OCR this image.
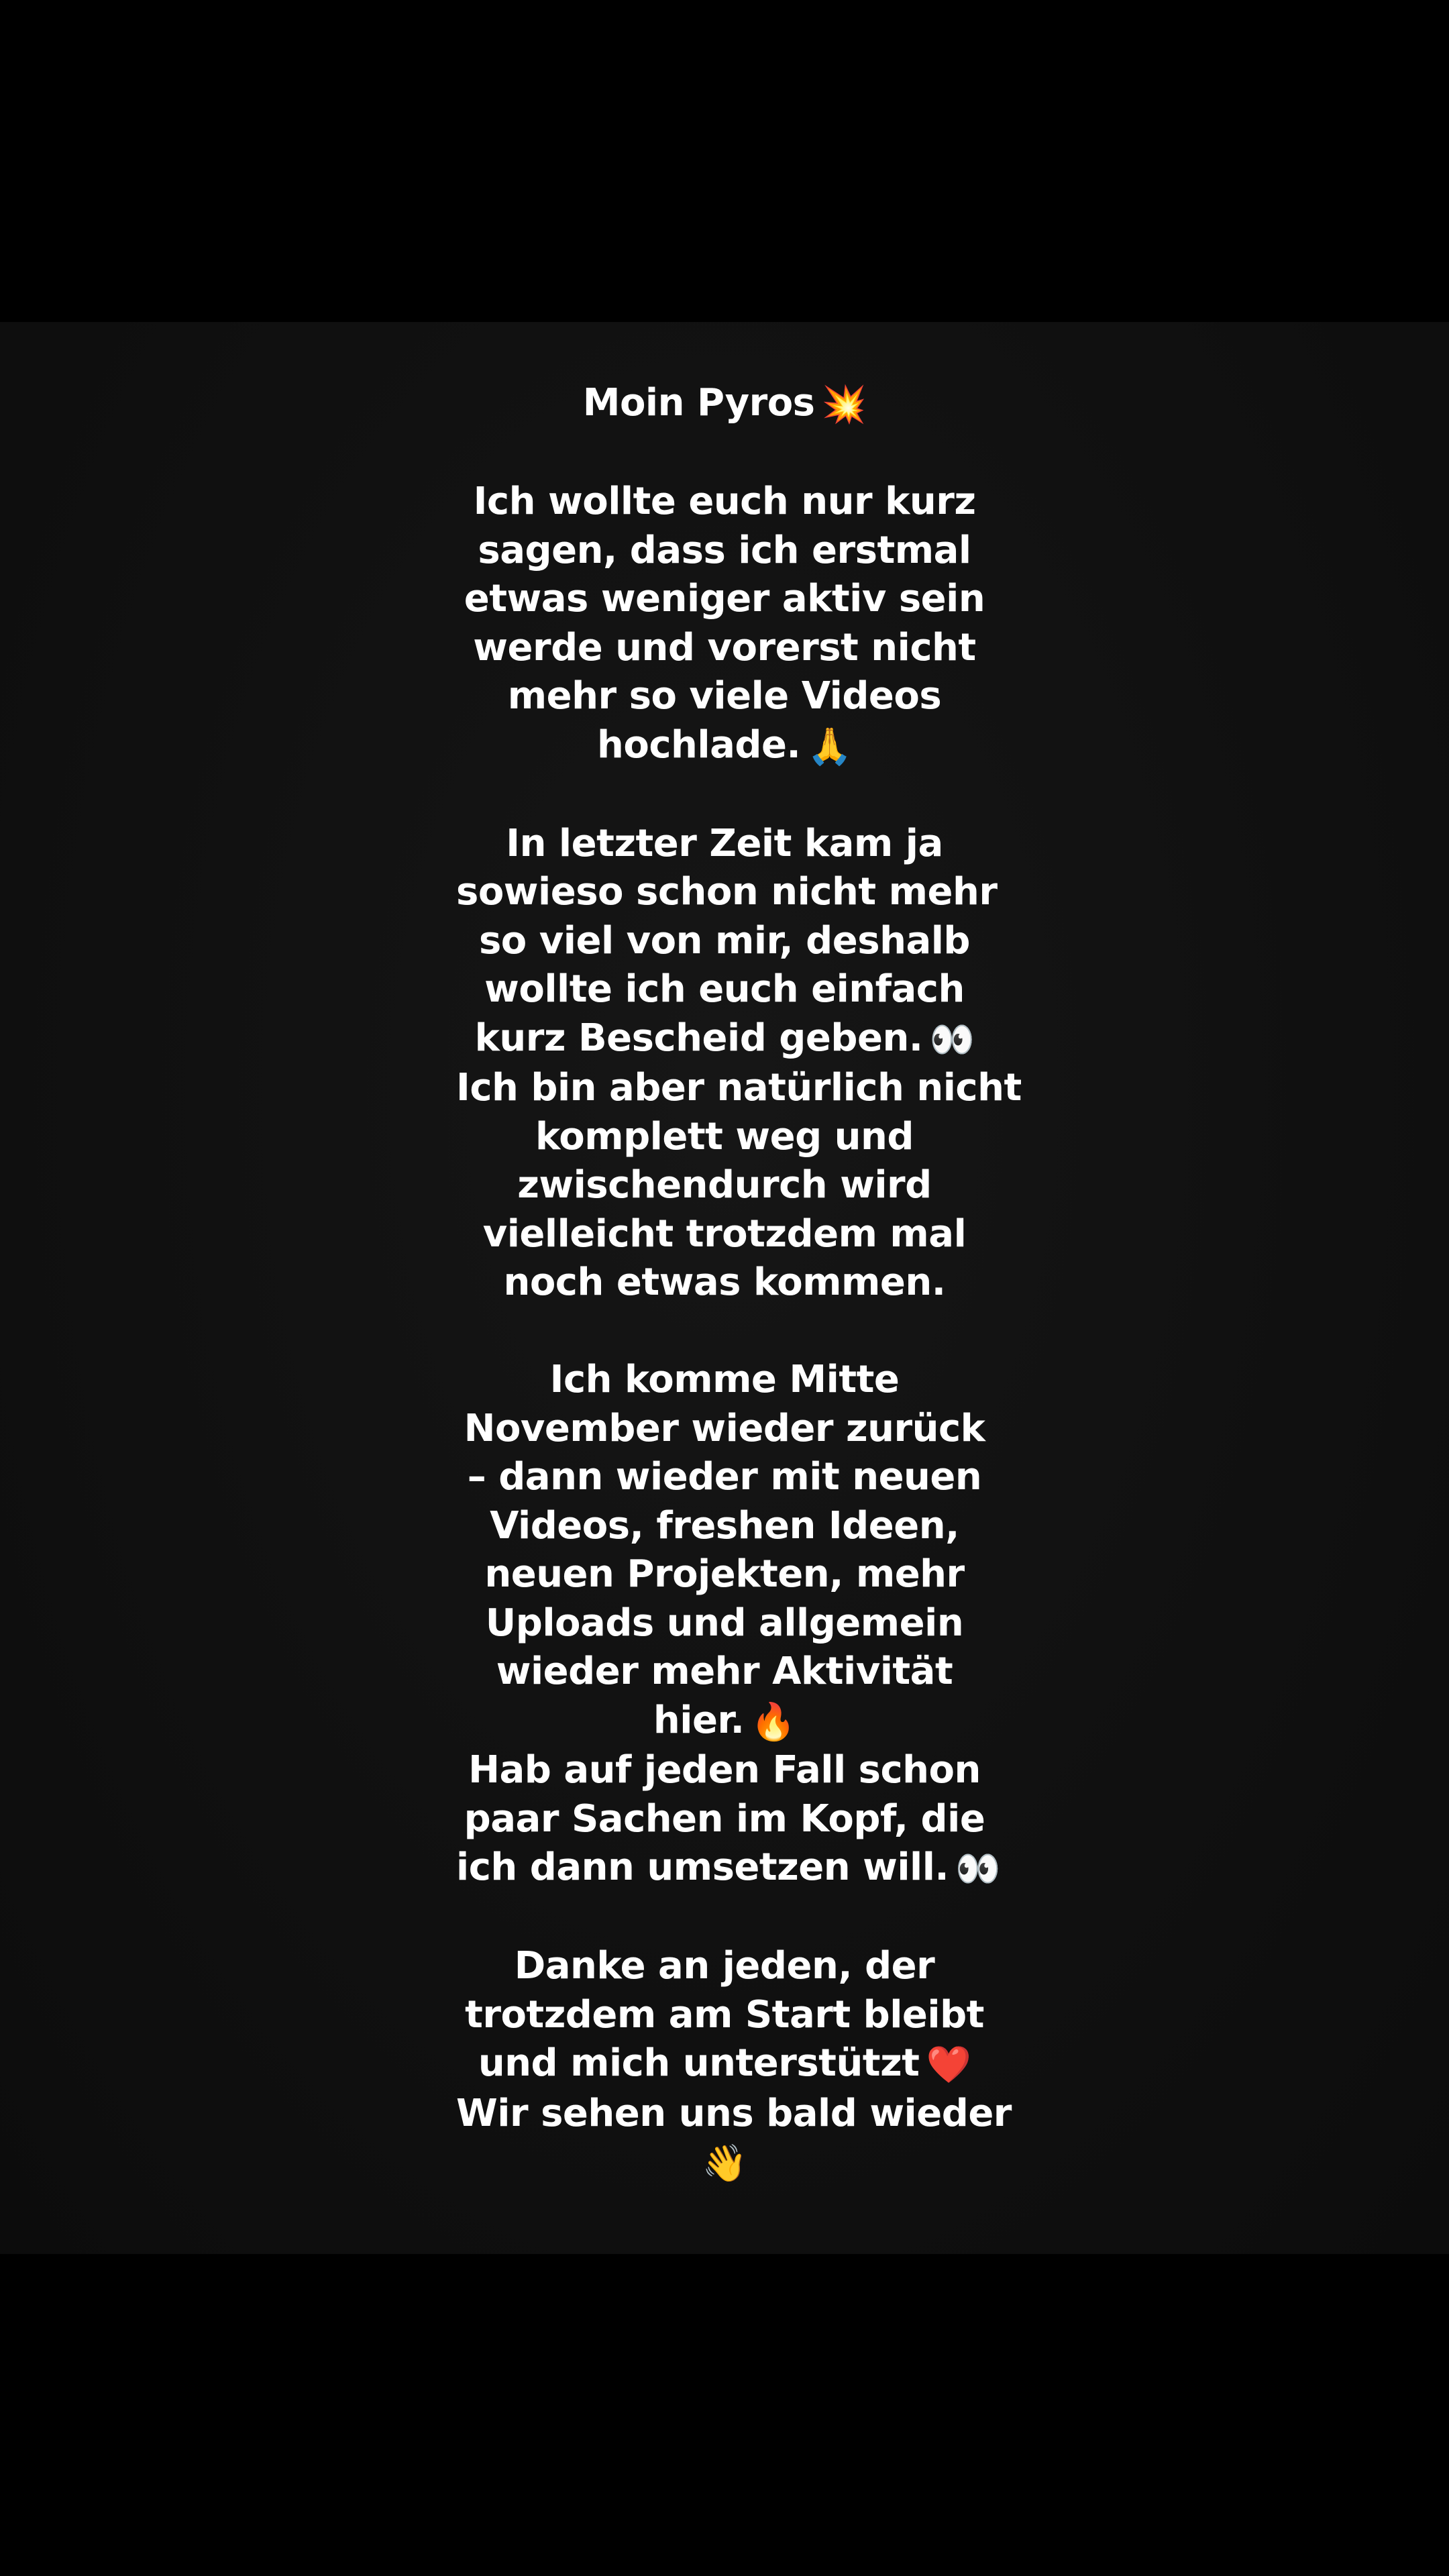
Moin Pyros 💥
Ich wollte euch nur kurz
sagen, dass ich erstmal
etwas weniger aktiv sein
werde und vorerst nicht
mehr so viele Videos
hochlade. 🙏
In letzter Zeit kam ja
sowieso schon nicht mehr
so viel von mir, deshalb
wollte ich euch einfach
kurz Bescheid geben. 👀
Ich bin aber natürlich nicht
komplett weg und
zwischendurch wird
vielleicht trotzdem mal
noch etwas kommen.
Ich komme Mitte
November wieder zurück
– dann wieder mit neuen
Videos, freshen Ideen,
neuen Projekten, mehr
Uploads und allgemein
wieder mehr Aktivität
hier. 🔥
Hab auf jeden Fall schon
paar Sachen im Kopf, die
ich dann umsetzen will. 👀
Danke an jeden, der
trotzdem am Start bleibt
und mich unterstützt ❤️
Wir sehen uns bald wieder
👋
